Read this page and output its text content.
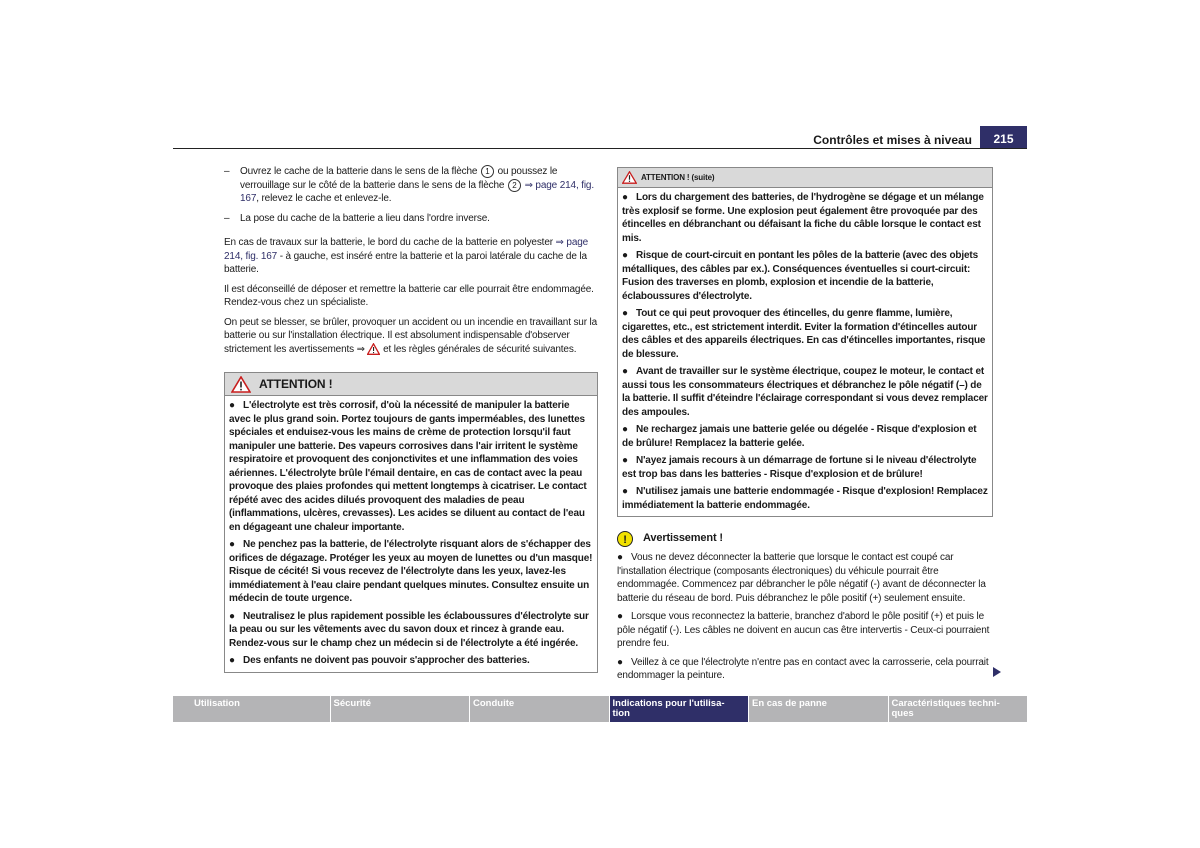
Contrôles et mises à niveau	215
– Ouvrez le cache de la batterie dans le sens de la flèche 1 ou poussez le verrouillage sur le côté de la batterie dans le sens de la flèche 2 ⇒ page 214, fig. 167, relevez le cache et enlevez-le.
– La pose du cache de la batterie a lieu dans l'ordre inverse.

En cas de travaux sur la batterie, le bord du cache de la batterie en polyester ⇒ page 214, fig. 167 - à gauche, est inséré entre la batterie et la paroi latérale du cache de la batterie.

Il est déconseillé de déposer et remettre la batterie car elle pourrait être endommagée. Rendez-vous chez un spécialiste.

On peut se blesser, se brûler, provoquer un accident ou un incendie en travaillant sur la batterie ou sur l'installation électrique. Il est absolument indispensable d'observer strictement les avertissements ⇒  et les règles générales de sécurité suivantes.

ATTENTION !

● L'électrolyte est très corrosif, d'où la nécessité de manipuler la batterie avec le plus grand soin. Portez toujours de gants imperméables, des lunettes spéciales et enduisez-vous les mains de crème de protection lorsqu'il faut manipuler une batterie. Des vapeurs corrosives dans l'air irritent le système respiratoire et provoquent des conjonctivites et une inflammation des voies aériennes. L'électrolyte brûle l'émail dentaire, en cas de contact avec la peau provoque des plaies profondes qui mettent longtemps à cicatriser. Le contact répété avec des acides dilués provoquent des maladies de peau (inflammations, ulcères, crevasses). Les acides se diluent au contact de l'eau en dégageant une chaleur importante.

● Ne penchez pas la batterie, de l'électrolyte risquant alors de s'échapper des orifices de dégazage. Protéger les yeux au moyen de lunettes ou d'un masque! Risque de cécité! Si vous recevez de l'électrolyte dans les yeux, lavez-les immédiatement à l'eau claire pendant quelques minutes. Consultez ensuite un médecin de toute urgence.

● Neutralisez le plus rapidement possible les éclaboussures d'électrolyte sur la peau ou sur les vêtements avec du savon doux et rincez à grande eau. Rendez-vous sur le champ chez un médecin si de l'électrolyte a été ingérée.

● Des enfants ne doivent pas pouvoir s'approcher des batteries.

ATTENTION ! (suite)

● Lors du chargement des batteries, de l'hydrogène se dégage et un mélange très explosif se forme. Une explosion peut également être provoquée par des étincelles en débranchant ou défaisant la fiche du câble lorsque le contact est mis.

● Risque de court-circuit en pontant les pôles de la batterie (avec des objets métalliques, des câbles par ex.). Conséquences éventuelles si court-circuit: Fusion des traverses en plomb, explosion et incendie de la batterie, éclaboussures d'électrolyte.

● Tout ce qui peut provoquer des étincelles, du genre flamme, lumière, cigarettes, etc., est strictement interdit. Eviter la formation d'étincelles autour des câbles et des appareils électriques. En cas d'étincelles importantes, risque de blessure.

● Avant de travailler sur le système électrique, coupez le moteur, le contact et aussi tous les consommateurs électriques et débranchez le pôle négatif (–) de la batterie. Il suffit d'éteindre l'éclairage correspondant si vous devez remplacer des ampoules.

● Ne rechargez jamais une batterie gelée ou dégelée - Risque d'explosion et de brûlure! Remplacez la batterie gelée.

● N'ayez jamais recours à un démarrage de fortune si le niveau d'électrolyte est trop bas dans les batteries - Risque d'explosion et de brûlure!

● N'utilisez jamais une batterie endommagée - Risque d'explosion! Remplacez immédiatement la batterie endommagée.

!	Avertissement !

● Vous ne devez déconnecter la batterie que lorsque le contact est coupé car l'installation électrique (composants électroniques) du véhicule pourrait être endommagée. Commencez par débrancher le pôle négatif (-) avant de déconnecter la batterie du réseau de bord. Puis débranchez le pôle positif (+) seulement ensuite.

● Lorsque vous reconnectez la batterie, branchez d'abord le pôle positif (+) et puis le pôle négatif (-). Les câbles ne doivent en aucun cas être intervertis - Ceux-ci pourraient prendre feu.

● Veillez à ce que l'électrolyte n'entre pas en contact avec la carrosserie, cela pourrait endommager la peinture.

Utilisation	Sécurité	Conduite	Indications pour l'utilisa-
tion
En cas de panne	Caractéristiques techni-
ques
